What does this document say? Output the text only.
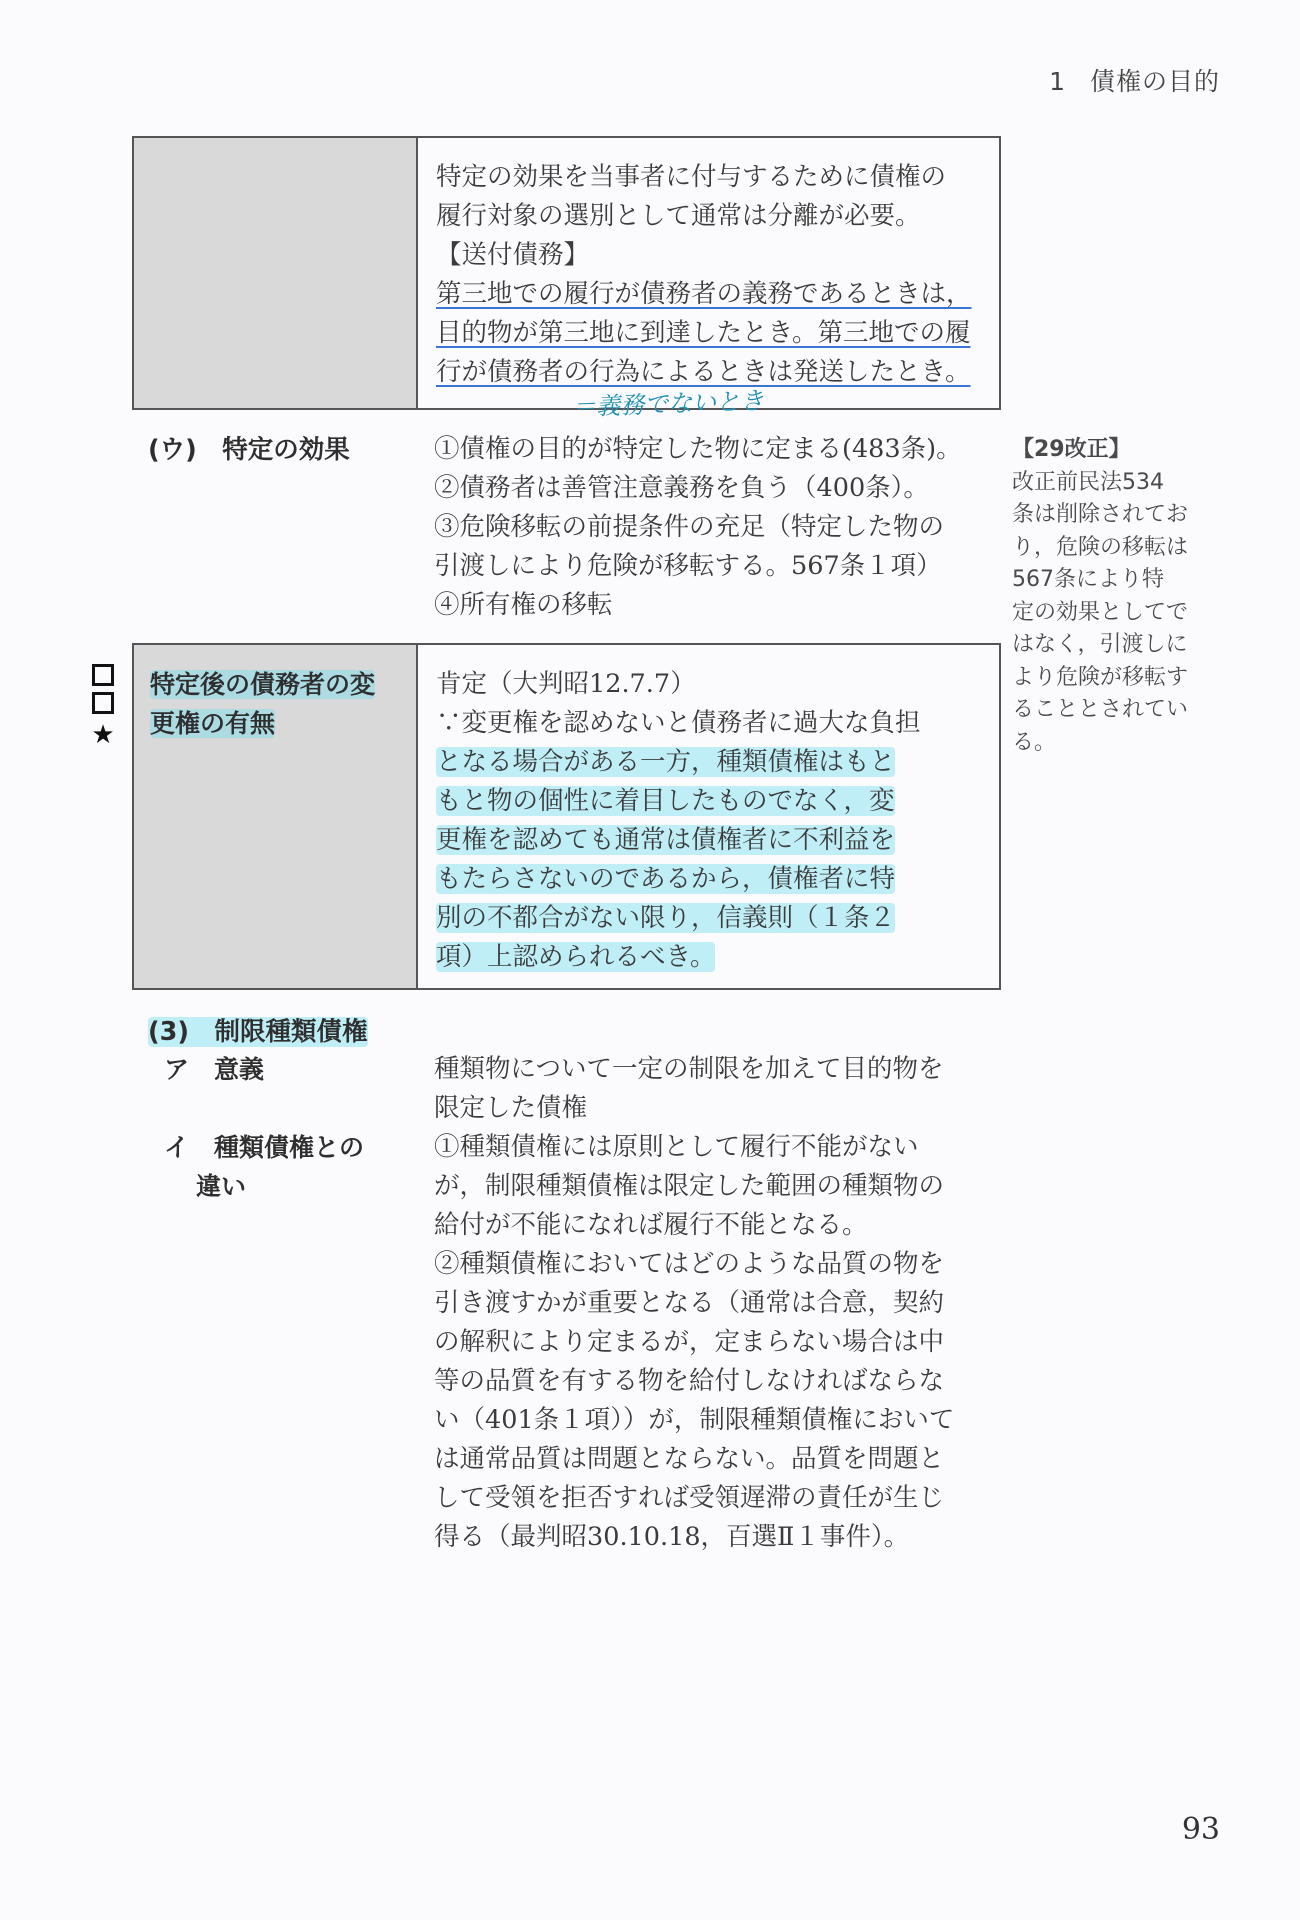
1 債権の目的

特定の効果を当事者に付与するために債権の

履行対象の選別として通常は分離が必要。

【送付債務】

第三地での履行が債務者の義務であるときは，

目的物が第三地に到達したとき。第三地での履

行が債務者の行為によるときは発送したとき。

＝義務でないとき
(ウ)　特定の効果	①債権の目的が特定した物に定まる(483条)。

②債務者は善管注意義務を負う（400条）。

③危険移転の前提条件の充足（特定した物の

引渡しにより危険が移転する。567条１項）

④所有権の移転

【29改正】

改正前民法534

条は削除されてお

り，危険の移転は

567条により特

定の効果としてで

はなく，引渡しに

より危険が移転す

ることとされてい

る。

★

特定後の債務者の変

更権の有無

肯定（大判昭12.7.7）

∵変更権を認めないと債務者に過大な負担

となる場合がある一方，種類債権はもと

もと物の個性に着目したものでなく，変

更権を認めても通常は債権者に不利益を

もたらさないのであるから，債権者に特

別の不都合がない限り，信義則（１条２

項）上認められるべき。

(3)　制限種類債権
ア　意義	種類物について一定の制限を加えて目的物を

限定した債権

イ　種類債権との
違い

①種類債権には原則として履行不能がない

が，制限種類債権は限定した範囲の種類物の

給付が不能になれば履行不能となる。

②種類債権においてはどのような品質の物を

引き渡すかが重要となる（通常は合意，契約

の解釈により定まるが，定まらない場合は中

等の品質を有する物を給付しなければならな

い（401条１項））が，制限種類債権において

は通常品質は問題とならない。品質を問題と

して受領を拒否すれば受領遅滞の責任が生じ

得る（最判昭30.10.18，百選Ⅱ１事件）。

93
